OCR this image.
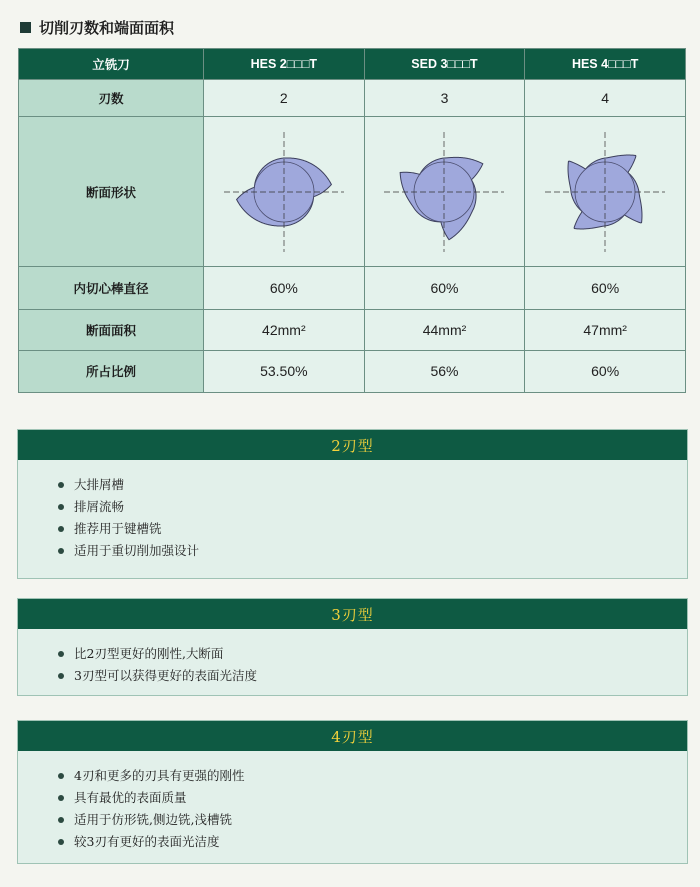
切削刃数和端面面积
立铣刀	HES 2□□□T	SED 3□□□T	HES 4□□□T
刃数	2	3	4
断面形状	

内切心棒直径	60%	60%	60%
断面面积	42mm²	44mm²	47mm²
所占比例	53.50%	56%	60%
2刃型
大排屑槽
排屑流畅
推荐用于键槽铣
适用于重切削加强设计
3刃型
比2刃型更好的刚性,大断面
3刃型可以获得更好的表面光洁度
4刃型
4刃和更多的刃具有更强的刚性
具有最优的表面质量
适用于仿形铣,侧边铣,浅槽铣
较3刃有更好的表面光洁度
